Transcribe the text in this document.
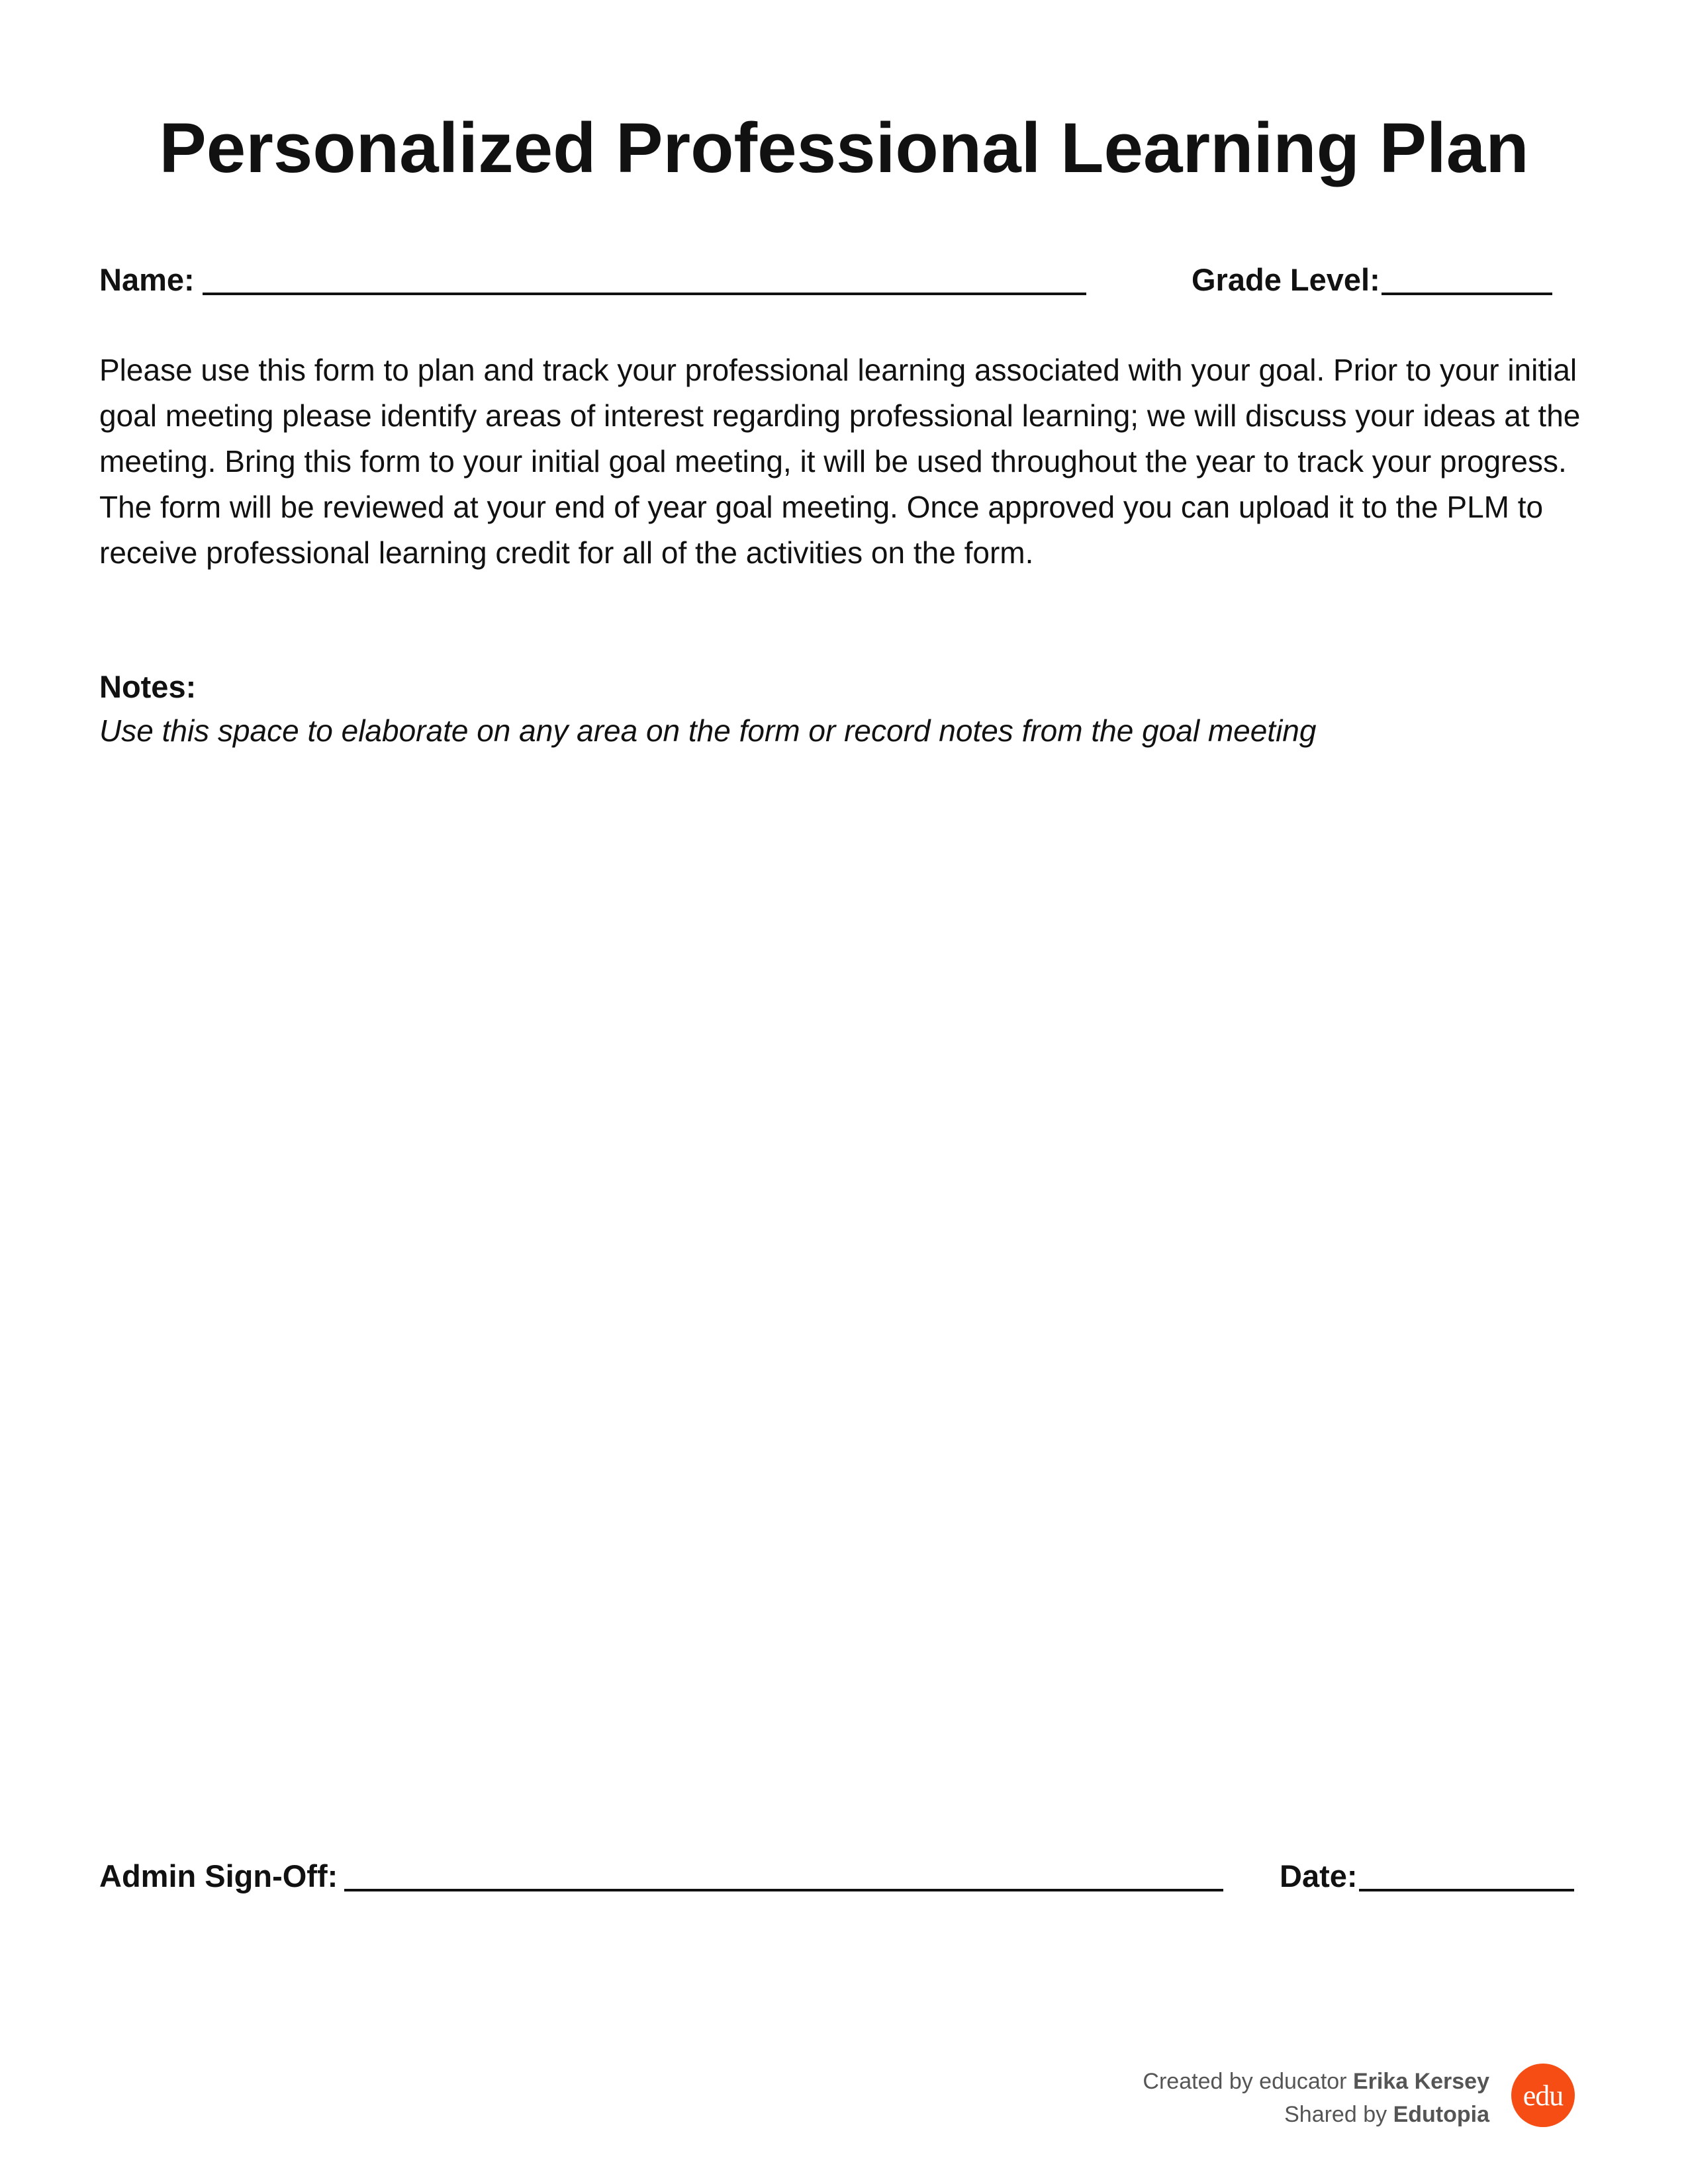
Personalized Professional Learning Plan
Name:	Grade Level:

Please use this form to plan and track your professional learning associated with your goal. Prior to your initial goal meeting please identify areas of interest regarding professional learning; we will discuss your ideas at the meeting. Bring this form to your initial goal meeting, it will be used throughout the year to track your progress. The form will be reviewed at your end of year goal meeting. Once approved you can upload it to the PLM to receive professional learning credit for all of the activities on the form.

Notes:

Use this space to elaborate on any area on the form or record notes from the goal meeting

Admin Sign-Off:	Date:
Created by educator Erika Kersey
Shared by Edutopia
edu
